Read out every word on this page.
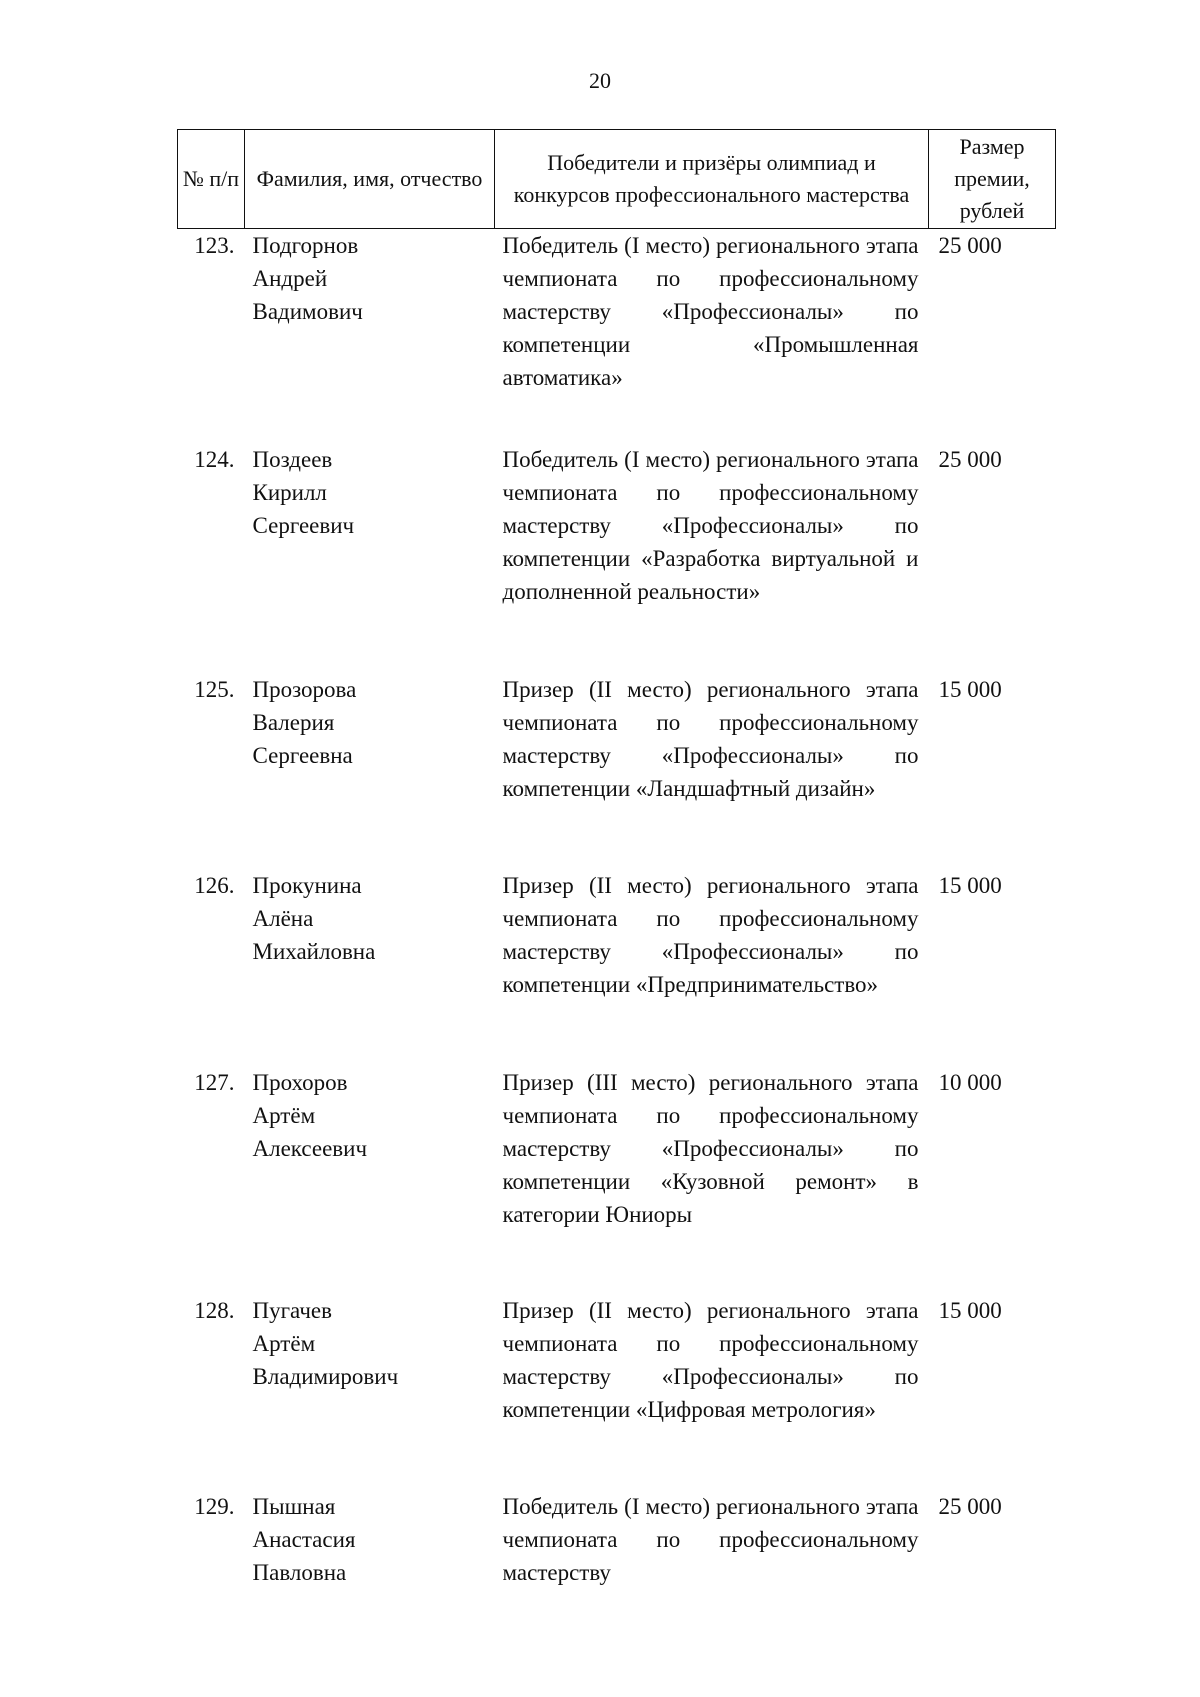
20
№ п/п	Фамилия, имя, отчество	Победители и призёры олимпиад и конкурсов профессионального мастерства	Размер премии, рублей
123.	Подгорнов
Андрей
Вадимович	Победитель (I место) регионального этапа чемпионата по профессиональному мастерству «Профессионалы» по компетенции «Промышленная автоматика»	25 000
124.	Поздеев
Кирилл
Сергеевич	Победитель (I место) регионального этапа чемпионата по профессиональному мастерству «Профессионалы» по компетенции «Разработка виртуальной и дополненной реальности»	25 000
125.	Прозорова
Валерия
Сергеевна	Призер (II место) регионального этапа чемпионата по профессиональному мастерству «Профессионалы» по компетенции «Ландшафтный дизайн»	15 000
126.	Прокунина
Алёна
Михайловна	Призер (II место) регионального этапа чемпионата по профессиональному мастерству «Профессионалы» по компетенции «Предпринимательство»	15 000
127.	Прохоров
Артём
Алексеевич	Призер (III место) регионального этапа чемпионата по профессиональному мастерству «Профессионалы» по компетенции «Кузовной ремонт» в категории Юниоры	10 000
128.	Пугачев
Артём
Владимирович	Призер (II место) регионального этапа чемпионата по профессиональному мастерству «Профессионалы» по компетенции «Цифровая метрология»	15 000
129.	Пышная
Анастасия
Павловна	Победитель (I место) регионального этапа чемпионата по профессиональному мастерству	25 000
